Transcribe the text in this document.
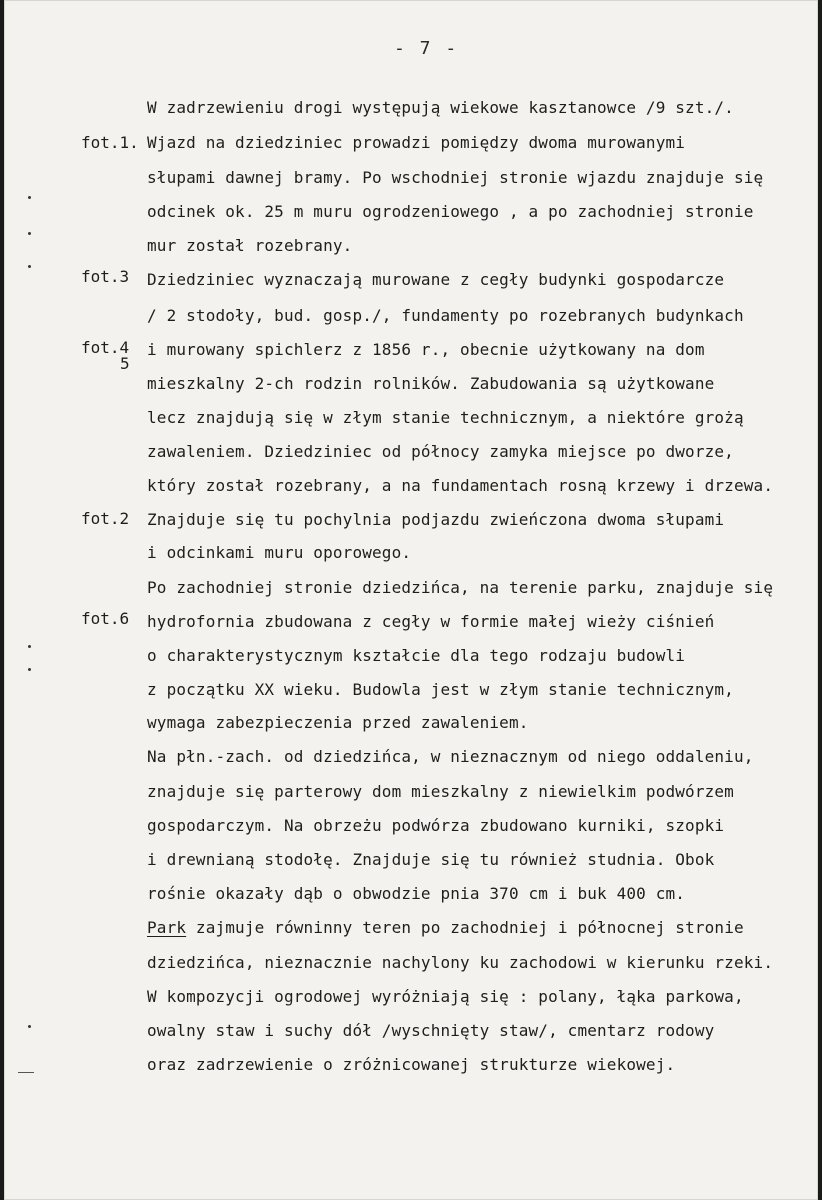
- 7 -
fot.1.
fot.3
fot.4
5
fot.2
fot.6
W zadrzewieniu drogi występują wiekowe kasztanowce /9 szt./.
Wjazd na dziedziniec prowadzi pomiędzy dwoma murowanymi
słupami dawnej bramy. Po wschodniej stronie wjazdu znajduje się
odcinek ok. 25 m muru ogrodzeniowego , a po zachodniej stronie
mur został rozebrany.
Dziedziniec wyznaczają murowane z cegły budynki gospodarcze
/ 2 stodoły, bud. gosp./, fundamenty po rozebranych budynkach
i murowany spichlerz z 1856 r., obecnie użytkowany na dom
mieszkalny 2-ch rodzin rolników. Zabudowania są użytkowane
lecz znajdują się w złym stanie technicznym, a niektóre grożą
zawaleniem. Dziedziniec od północy zamyka miejsce po dworze,
który został rozebrany, a na fundamentach rosną krzewy i drzewa.
Znajduje się tu pochylnia podjazdu zwieńczona dwoma słupami
i odcinkami muru oporowego.
Po zachodniej stronie dziedzińca, na terenie parku, znajduje się
hydrofornia zbudowana z cegły w formie małej wieży ciśnień
o charakterystycznym kształcie dla tego rodzaju budowli
z początku XX wieku. Budowla jest w złym stanie technicznym,
wymaga zabezpieczenia przed zawaleniem.
Na płn.-zach. od dziedzińca, w nieznacznym od niego oddaleniu,
znajduje się parterowy dom mieszkalny z niewielkim podwórzem
gospodarczym. Na obrzeżu podwórza zbudowano kurniki, szopki
i drewnianą stodołę. Znajduje się tu również studnia. Obok
rośnie okazały dąb o obwodzie pnia 370 cm i buk 400 cm.
Park zajmuje równinny teren po zachodniej i północnej stronie
dziedzińca, nieznacznie nachylony ku zachodowi w kierunku rzeki.
W kompozycji ogrodowej wyróżniają się : polany, łąka parkowa,
owalny staw i suchy dół /wyschnięty staw/, cmentarz rodowy
oraz zadrzewienie o zróżnicowanej strukturze wiekowej.
